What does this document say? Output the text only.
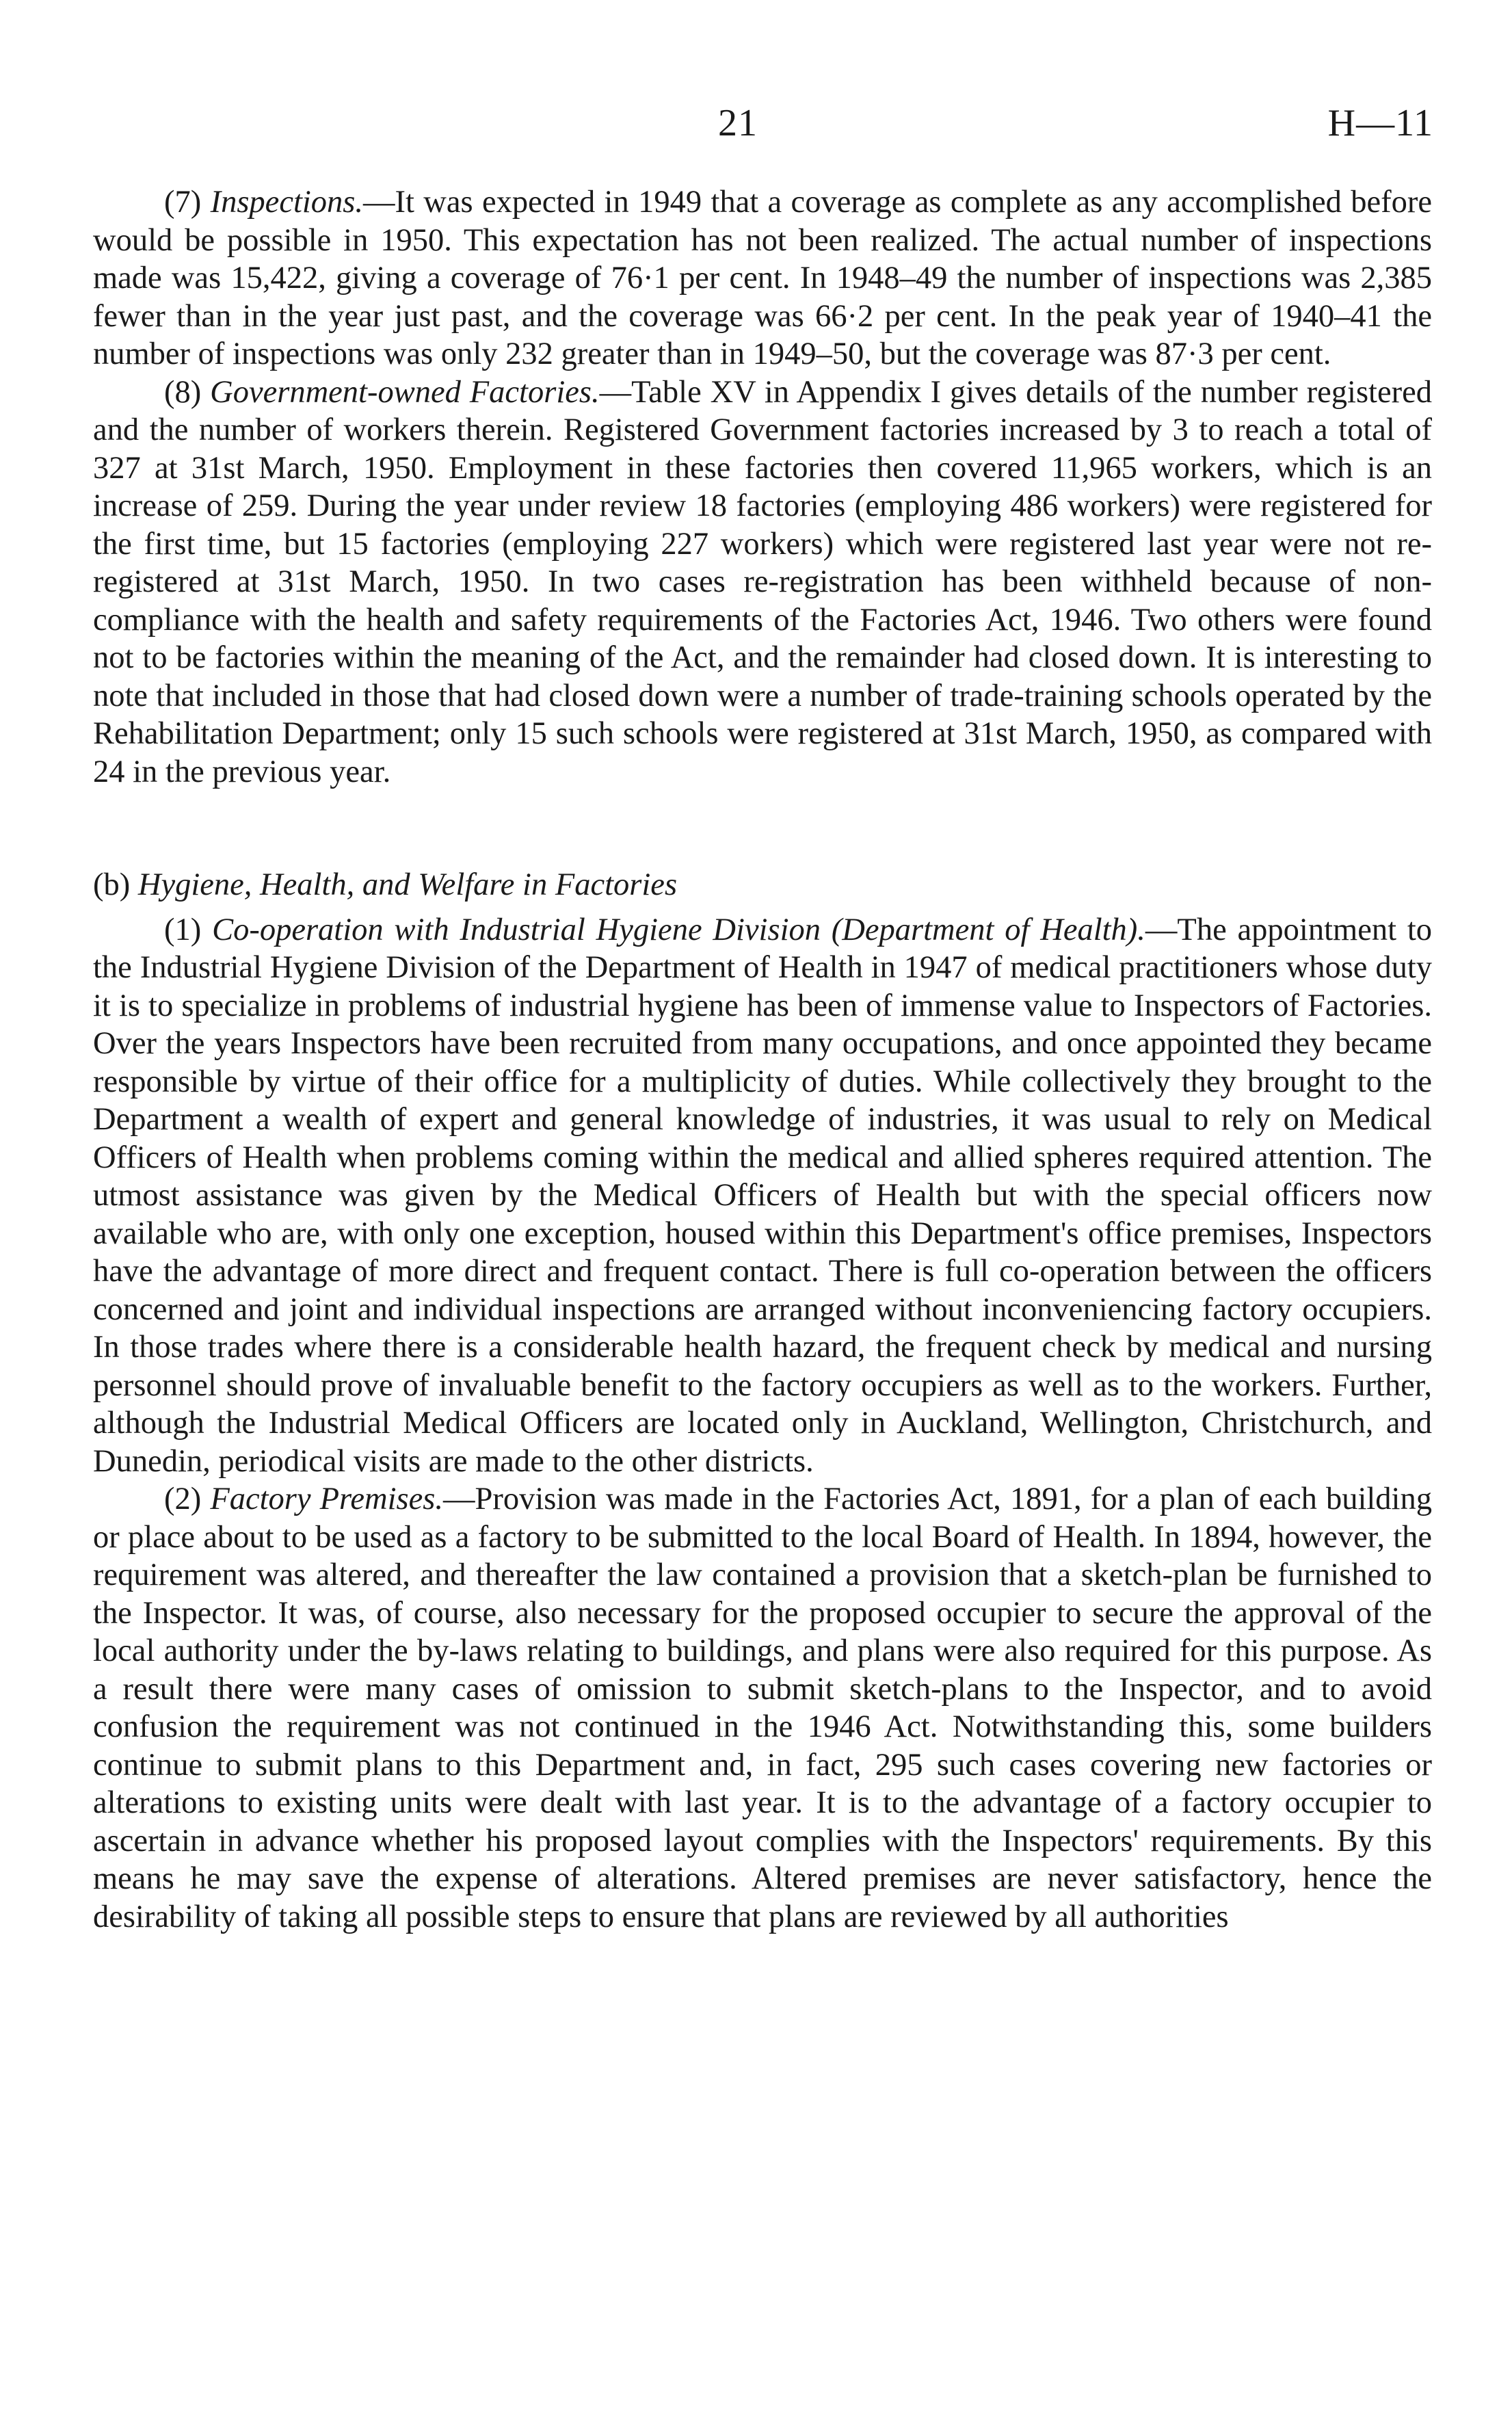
21	H—11

(7) Inspections.—It was expected in 1949 that a coverage as complete as any accomplished before would be possible in 1950. This expectation has not been realized. The actual number of inspections made was 15,422, giving a coverage of 76·1 per cent. In 1948–49 the number of inspections was 2,385 fewer than in the year just past, and the coverage was 66·2 per cent. In the peak year of 1940–41 the number of inspections was only 232 greater than in 1949–50, but the coverage was 87·3 per cent.

(8) Government-owned Factories.—Table XV in Appendix I gives details of the number registered and the number of workers therein. Registered Government factories increased by 3 to reach a total of 327 at 31st March, 1950. Employment in these factories then covered 11,965 workers, which is an increase of 259. During the year under review 18 factories (employing 486 workers) were registered for the first time, but 15 factories (employing 227 workers) which were registered last year were not re-registered at 31st March, 1950. In two cases re-registration has been withheld because of non-compliance with the health and safety requirements of the Factories Act, 1946. Two others were found not to be factories within the meaning of the Act, and the remainder had closed down. It is interesting to note that included in those that had closed down were a number of trade-training schools operated by the Rehabilitation Department; only 15 such schools were registered at 31st March, 1950, as compared with 24 in the previous year.

(b) Hygiene, Health, and Welfare in Factories

(1) Co-operation with Industrial Hygiene Division (Department of Health).—The appointment to the Industrial Hygiene Division of the Department of Health in 1947 of medical practitioners whose duty it is to specialize in problems of industrial hygiene has been of immense value to Inspectors of Factories. Over the years Inspectors have been recruited from many occupations, and once appointed they became responsible by virtue of their office for a multiplicity of duties. While collectively they brought to the Department a wealth of expert and general knowledge of industries, it was usual to rely on Medical Officers of Health when problems coming within the medical and allied spheres required attention. The utmost assistance was given by the Medical Officers of Health but with the special officers now available who are, with only one exception, housed within this Department's office premises, Inspectors have the advantage of more direct and frequent contact. There is full co-operation between the officers concerned and joint and individual inspections are arranged without inconveniencing factory occupiers. In those trades where there is a considerable health hazard, the frequent check by medical and nursing personnel should prove of invaluable benefit to the factory occupiers as well as to the workers. Further, although the Industrial Medical Officers are located only in Auckland, Wellington, Christchurch, and Dunedin, periodical visits are made to the other districts.

(2) Factory Premises.—Provision was made in the Factories Act, 1891, for a plan of each building or place about to be used as a factory to be submitted to the local Board of Health. In 1894, however, the requirement was altered, and thereafter the law contained a provision that a sketch-plan be furnished to the Inspector. It was, of course, also necessary for the proposed occupier to secure the approval of the local authority under the by-laws relating to buildings, and plans were also required for this purpose. As a result there were many cases of omission to submit sketch-plans to the Inspector, and to avoid confusion the requirement was not continued in the 1946 Act. Notwithstanding this, some builders continue to submit plans to this Department and, in fact, 295 such cases covering new factories or alterations to existing units were dealt with last year. It is to the advantage of a factory occupier to ascertain in advance whether his proposed layout complies with the Inspectors' requirements. By this means he may save the expense of alterations. Altered premises are never satisfactory, hence the desirability of taking all possible steps to ensure that plans are reviewed by all authorities
